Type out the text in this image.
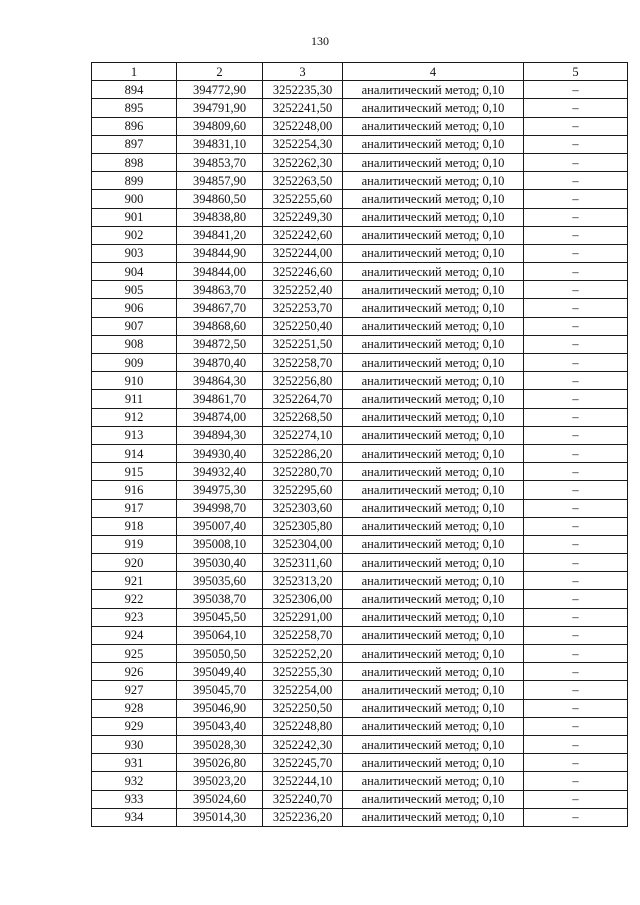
130
1	2	3	4	5
894	394772,90	3252235,30	аналитический метод; 0,10	–
895	394791,90	3252241,50	аналитический метод; 0,10	–
896	394809,60	3252248,00	аналитический метод; 0,10	–
897	394831,10	3252254,30	аналитический метод; 0,10	–
898	394853,70	3252262,30	аналитический метод; 0,10	–
899	394857,90	3252263,50	аналитический метод; 0,10	–
900	394860,50	3252255,60	аналитический метод; 0,10	–
901	394838,80	3252249,30	аналитический метод; 0,10	–
902	394841,20	3252242,60	аналитический метод; 0,10	–
903	394844,90	3252244,00	аналитический метод; 0,10	–
904	394844,00	3252246,60	аналитический метод; 0,10	–
905	394863,70	3252252,40	аналитический метод; 0,10	–
906	394867,70	3252253,70	аналитический метод; 0,10	–
907	394868,60	3252250,40	аналитический метод; 0,10	–
908	394872,50	3252251,50	аналитический метод; 0,10	–
909	394870,40	3252258,70	аналитический метод; 0,10	–
910	394864,30	3252256,80	аналитический метод; 0,10	–
911	394861,70	3252264,70	аналитический метод; 0,10	–
912	394874,00	3252268,50	аналитический метод; 0,10	–
913	394894,30	3252274,10	аналитический метод; 0,10	–
914	394930,40	3252286,20	аналитический метод; 0,10	–
915	394932,40	3252280,70	аналитический метод; 0,10	–
916	394975,30	3252295,60	аналитический метод; 0,10	–
917	394998,70	3252303,60	аналитический метод; 0,10	–
918	395007,40	3252305,80	аналитический метод; 0,10	–
919	395008,10	3252304,00	аналитический метод; 0,10	–
920	395030,40	3252311,60	аналитический метод; 0,10	–
921	395035,60	3252313,20	аналитический метод; 0,10	–
922	395038,70	3252306,00	аналитический метод; 0,10	–
923	395045,50	3252291,00	аналитический метод; 0,10	–
924	395064,10	3252258,70	аналитический метод; 0,10	–
925	395050,50	3252252,20	аналитический метод; 0,10	–
926	395049,40	3252255,30	аналитический метод; 0,10	–
927	395045,70	3252254,00	аналитический метод; 0,10	–
928	395046,90	3252250,50	аналитический метод; 0,10	–
929	395043,40	3252248,80	аналитический метод; 0,10	–
930	395028,30	3252242,30	аналитический метод; 0,10	–
931	395026,80	3252245,70	аналитический метод; 0,10	–
932	395023,20	3252244,10	аналитический метод; 0,10	–
933	395024,60	3252240,70	аналитический метод; 0,10	–
934	395014,30	3252236,20	аналитический метод; 0,10	–
